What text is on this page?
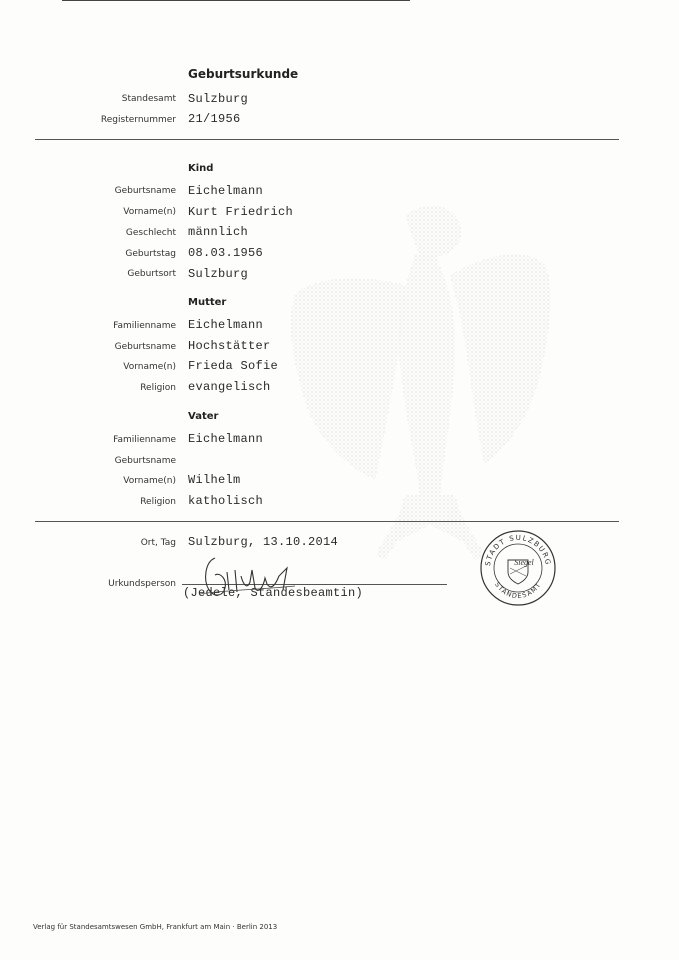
Geburtsurkunde
Standesamt Sulzburg
Registernummer 21/1956
Kind
Geburtsname Eichelmann
Vorname(n) Kurt Friedrich
Geschlecht männlich
Geburtstag 08.03.1956
Geburtsort Sulzburg
Mutter
Familienname Eichelmann
Geburtsname Hochstätter
Vorname(n) Frieda Sofie
Religion evangelisch
Vater
Familienname Eichelmann
Geburtsname
Vorname(n) Wilhelm
Religion katholisch
Ort, Tag Sulzburg, 13.10.2014
Urkundsperson
(Jedele, Standesbeamtin)
STADT SULZBURG
STANDESAMT
Siegel
Verlag für Standesamtswesen GmbH, Frankfurt am Main · Berlin 2013
